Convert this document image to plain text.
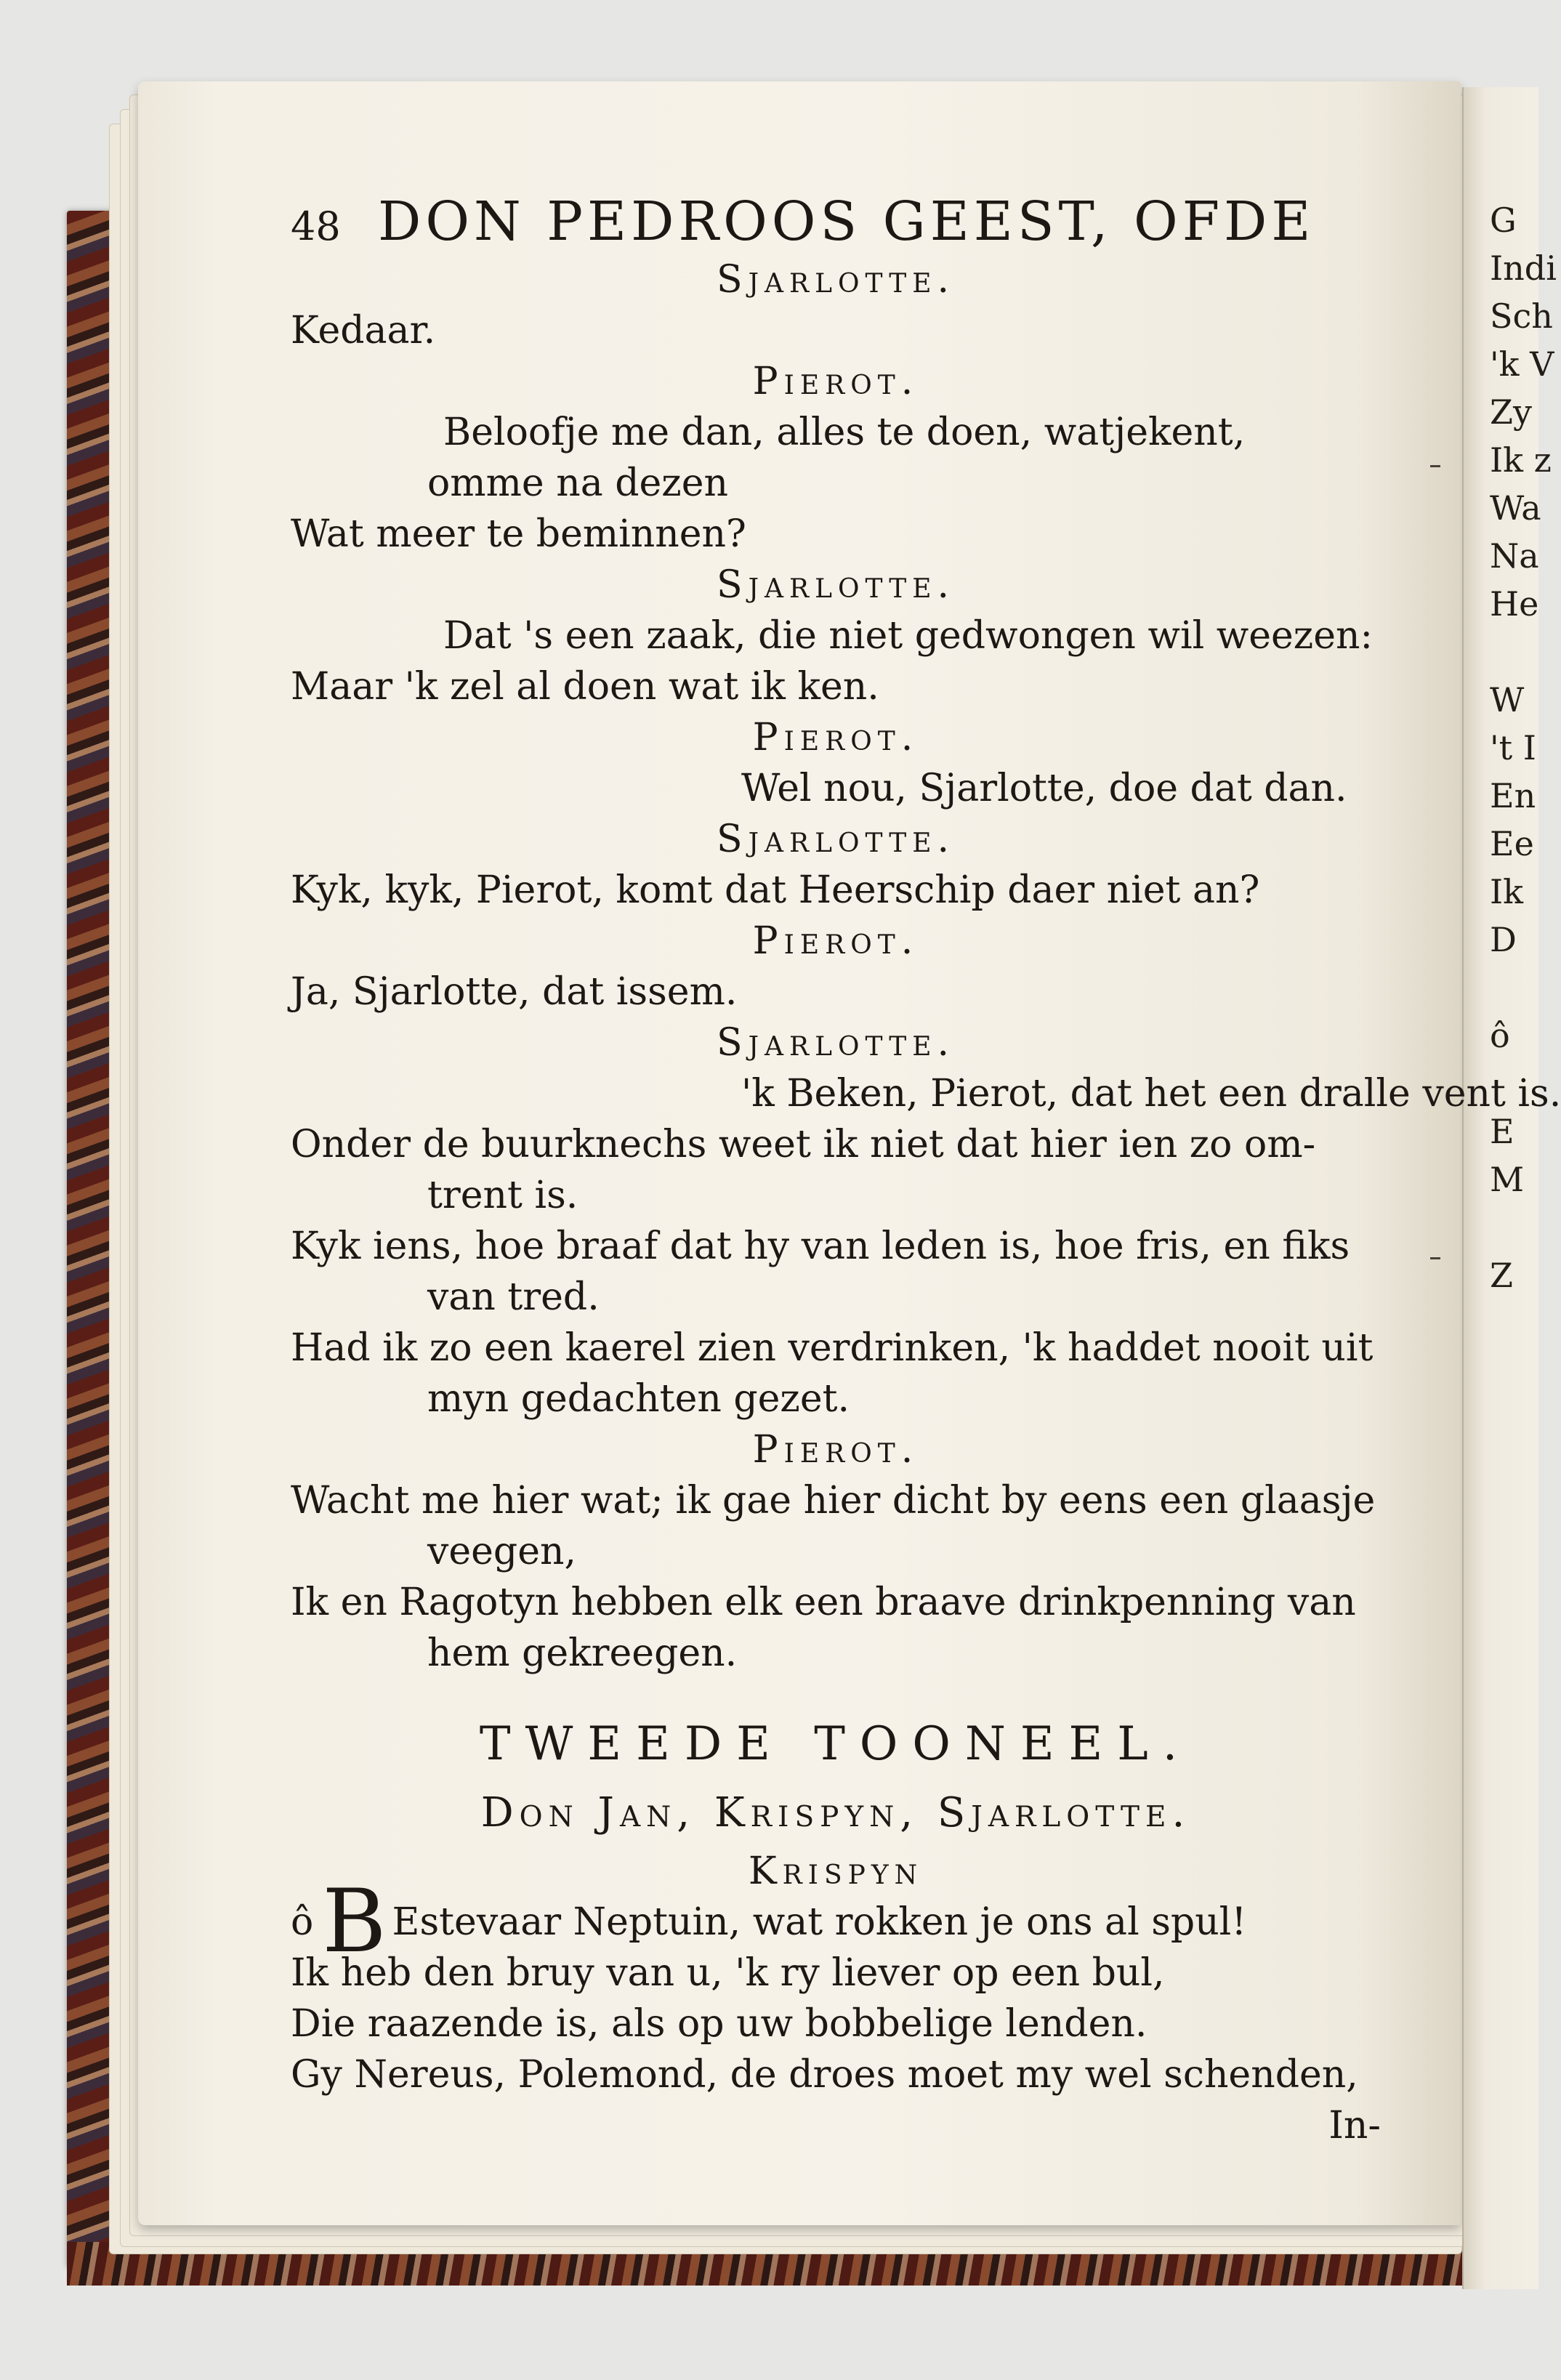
G
Indi
Sch
'k V
Zy
Ik z
Wa
Na
He
W
't I
En
Ee
Ik
D
ô
E
M
Z
48 DON PEDROOS GEEST, OFDE
Sjarlotte.
Kedaar.
Pierot.
Beloofje me dan, alles te doen, watjekent,
omme na dezen
Wat meer te beminnen?
Sjarlotte.
Dat 's een zaak, die niet gedwongen wil weezen:
Maar 'k zel al doen wat ik ken.
Pierot.
Wel nou, Sjarlotte, doe dat dan.
Sjarlotte.
Kyk, kyk, Pierot, komt dat Heerschip daer niet an?
Pierot.
Ja, Sjarlotte, dat issem.
Sjarlotte.
'k Beken, Pierot, dat het een dralle vent is.
Onder de buurknechs weet ik niet dat hier ien zo om-
trent is.
Kyk iens, hoe braaf dat hy van leden is, hoe fris, en fiks
van tred.
Had ik zo een kaerel zien verdrinken, 'k haddet nooit uit
myn gedachten gezet.
Pierot.
Wacht me hier wat; ik gae hier dicht by eens een glaasje
veegen,
Ik en Ragotyn hebben elk een braave drinkpenning van
hem gekreegen.
TWEEDE TOONEEL.
Don Jan, Krispyn, Sjarlotte.
Krispyn
ô B Estevaar Neptuin, wat rokken je ons al spul!
Ik heb den bruy van u, 'k ry liever op een bul,
Die raazende is, als op uw bobbelige lenden.
Gy Nereus, Polemond, de droes moet my wel schenden,
In-
